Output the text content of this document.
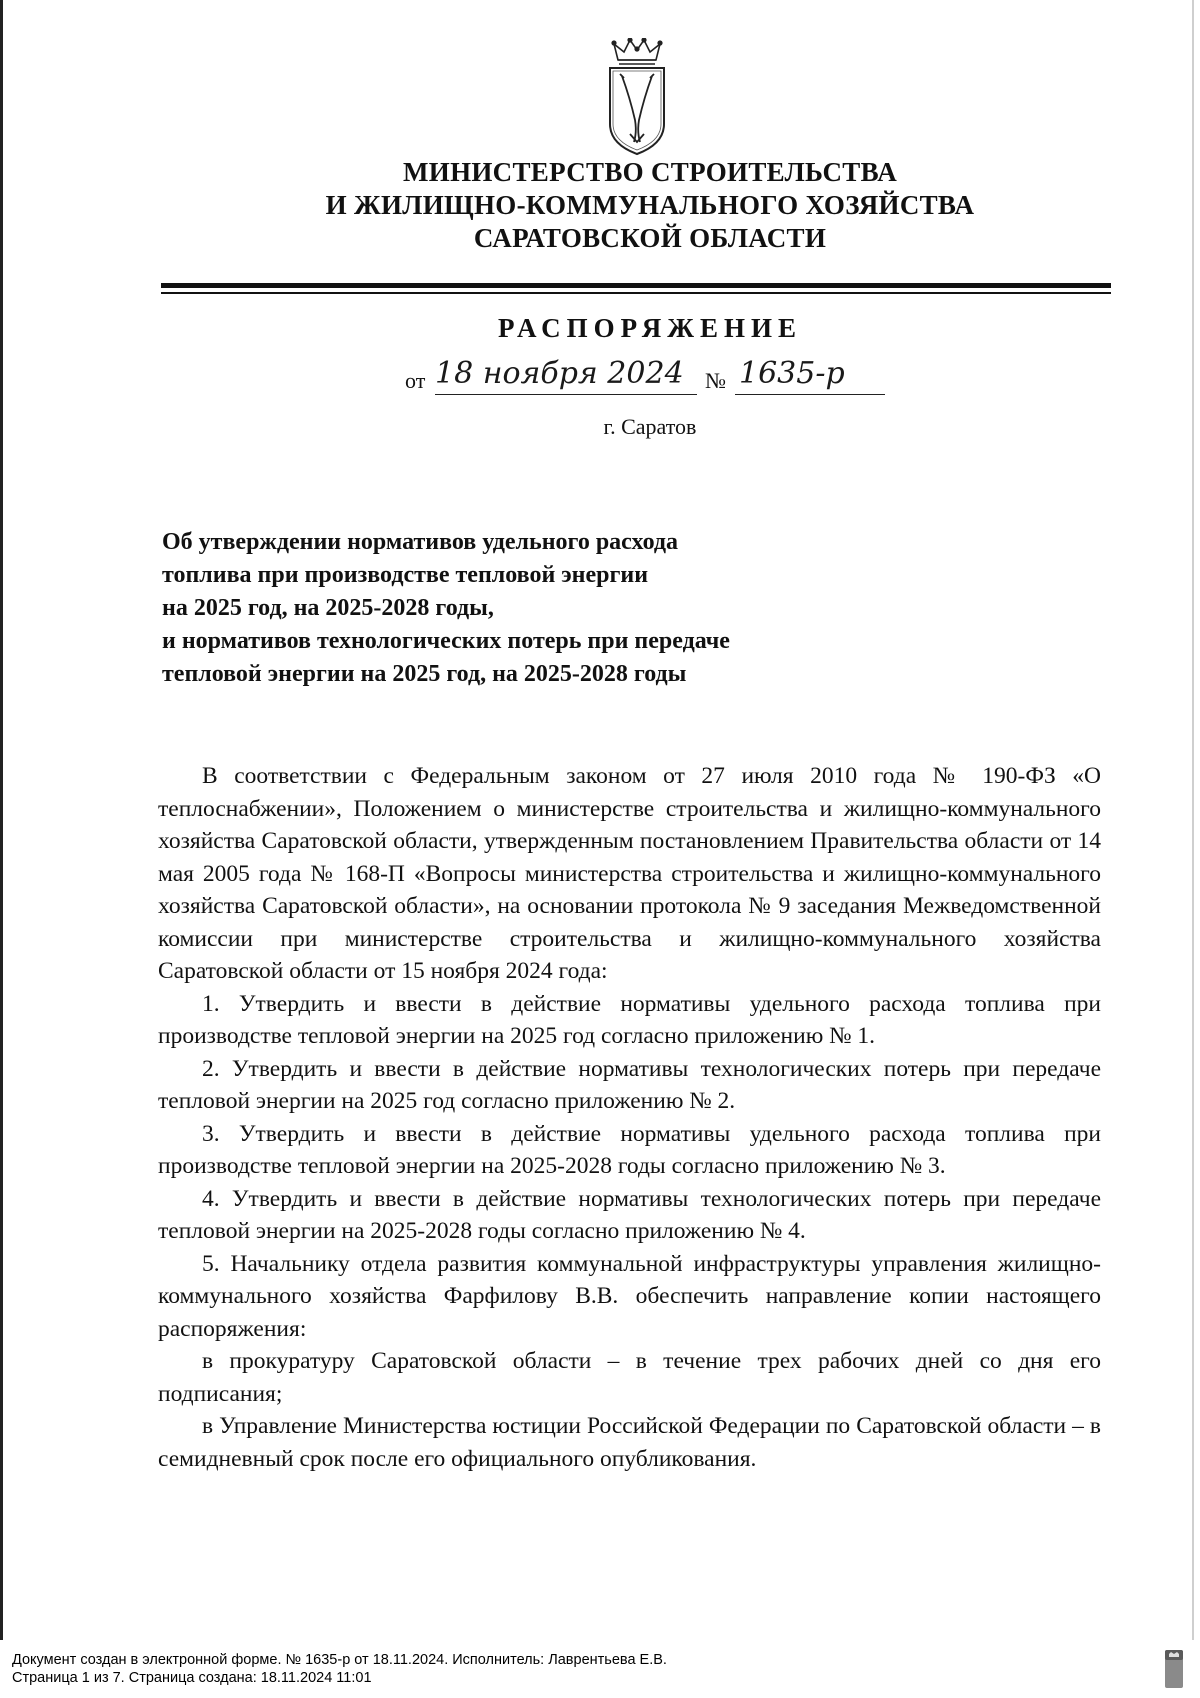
МИНИСТЕРСТВО СТРОИТЕЛЬСТВА
И ЖИЛИЩНО-КОММУНАЛЬНОГО ХОЗЯЙСТВА
САРАТОВСКОЙ ОБЛАСТИ
РАСПОРЯЖЕНИЕ
от 18 ноября 2024 № 1635-р
г. Саратов
Об утверждении нормативов удельного расхода
топлива при производстве тепловой энергии
на 2025 год, на 2025-2028 годы,
и нормативов технологических потерь при передаче
тепловой энергии на 2025 год, на 2025-2028 годы

В соответствии с Федеральным законом от 27 июля 2010 года № 190-ФЗ «О теплоснабжении», Положением о министерстве строительства и жилищно-коммунального хозяйства Саратовской области, утвержденным постановлением Правительства области от 14 мая 2005 года № 168-П «Вопросы министерства строительства и жилищно-коммунального хозяйства Саратовской области», на основании протокола № 9 заседания Межведомственной комиссии при министерстве строительства и жилищно-коммунального хозяйства Саратовской области от 15 ноября 2024 года:

1. Утвердить и ввести в действие нормативы удельного расхода топлива при производстве тепловой энергии на 2025 год согласно приложению № 1.

2. Утвердить и ввести в действие нормативы технологических потерь при передаче тепловой энергии на 2025 год согласно приложению № 2.

3. Утвердить и ввести в действие нормативы удельного расхода топлива при производстве тепловой энергии на 2025-2028 годы согласно приложению № 3.

4. Утвердить и ввести в действие нормативы технологических потерь при передаче тепловой энергии на 2025-2028 годы согласно приложению № 4.

5. Начальнику отдела развития коммунальной инфраструктуры управления жилищно-коммунального хозяйства Фарфилову В.В. обеспечить направление копии настоящего распоряжения:

в прокуратуру Саратовской области – в течение трех рабочих дней со дня его подписания;

в Управление Министерства юстиции Российской Федерации по Саратовской области – в семидневный срок после его официального опубликования.

Документ создан в электронной форме. № 1635-р от 18.11.2024. Исполнитель: Лаврентьева Е.В.
Страница 1 из 7. Страница создана: 18.11.2024 11:01
